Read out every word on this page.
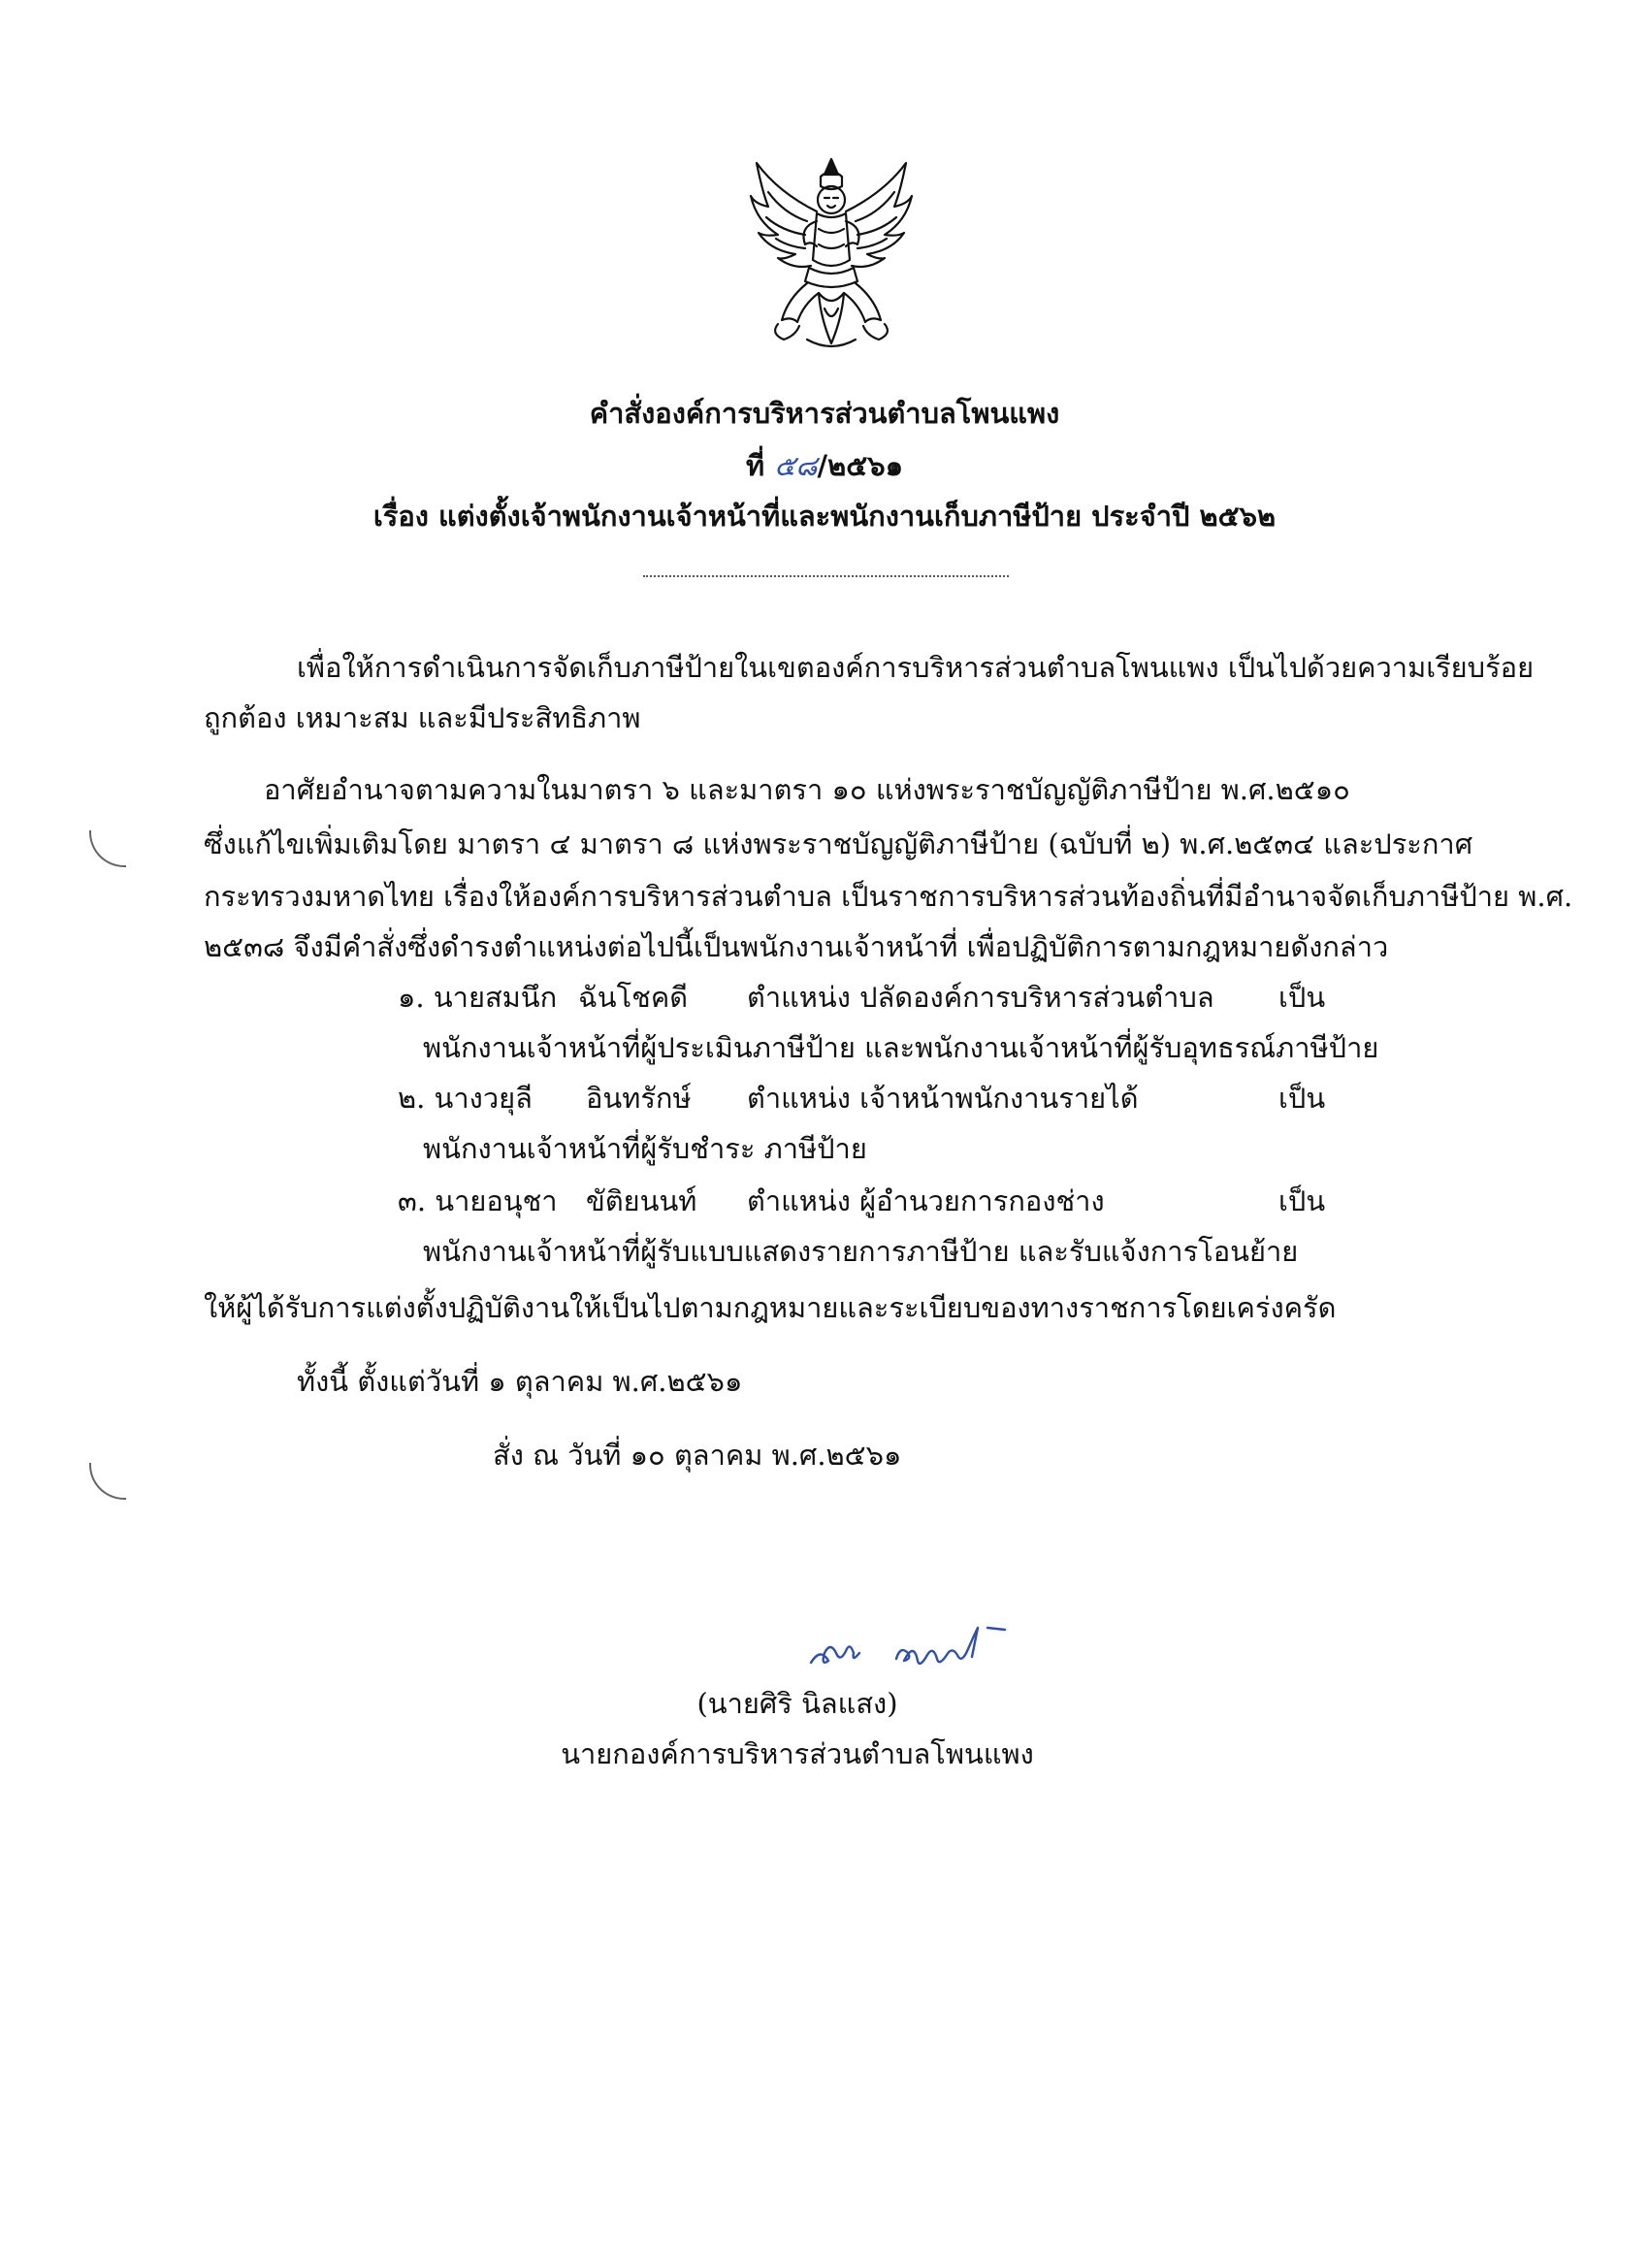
คำสั่งองค์การบริหารส่วนตำบลโพนแพง
ที่ ๕๘/๒๕๖๑
เรื่อง แต่งตั้งเจ้าพนักงานเจ้าหน้าที่และพนักงานเก็บภาษีป้าย ประจำปี ๒๕๖๒
เพื่อให้การดำเนินการจัดเก็บภาษีป้ายในเขตองค์การบริหารส่วนตำบลโพนแพง เป็นไปด้วยความเรียบร้อย
ถูกต้อง เหมาะสม และมีประสิทธิภาพ
อาศัยอำนาจตามความในมาตรา ๖ และมาตรา ๑๐ แห่งพระราชบัญญัติภาษีป้าย พ.ศ.๒๕๑๐
ซึ่งแก้ไขเพิ่มเติมโดย มาตรา ๔ มาตรา ๘ แห่งพระราชบัญญัติภาษีป้าย (ฉบับที่ ๒) พ.ศ.๒๕๓๔ และประกาศ
กระทรวงมหาดไทย เรื่องให้องค์การบริหารส่วนตำบล เป็นราชการบริหารส่วนท้องถิ่นที่มีอำนาจจัดเก็บภาษีป้าย พ.ศ.
๒๕๓๘ จึงมีคำสั่งซึ่งดำรงตำแหน่งต่อไปนี้เป็นพนักงานเจ้าหน้าที่ เพื่อปฏิบัติการตามกฎหมายดังกล่าว
๑. นายสมนึก ฉันโชคดี ตำแหน่ง ปลัดองค์การบริหารส่วนตำบล เป็น
พนักงานเจ้าหน้าที่ผู้ประเมินภาษีป้าย และพนักงานเจ้าหน้าที่ผู้รับอุทธรณ์ภาษีป้าย
๒. นางวยุลี อินทรักษ์ ตำแหน่ง เจ้าหน้าพนักงานรายได้	เป็น
พนักงานเจ้าหน้าที่ผู้รับชำระ ภาษีป้าย
๓. นายอนุชา ขัติยนนท์ ตำแหน่ง ผู้อำนวยการกองช่าง	เป็น
พนักงานเจ้าหน้าที่ผู้รับแบบแสดงรายการภาษีป้าย และรับแจ้งการโอนย้าย
ให้ผู้ได้รับการแต่งตั้งปฏิบัติงานให้เป็นไปตามกฎหมายและระเบียบของทางราชการโดยเคร่งครัด
ทั้งนี้ ตั้งแต่วันที่ ๑ ตุลาคม พ.ศ.๒๕๖๑
สั่ง ณ วันที่ ๑๐ ตุลาคม พ.ศ.๒๕๖๑
(นายศิริ นิลแสง)
นายกองค์การบริหารส่วนตำบลโพนแพง
